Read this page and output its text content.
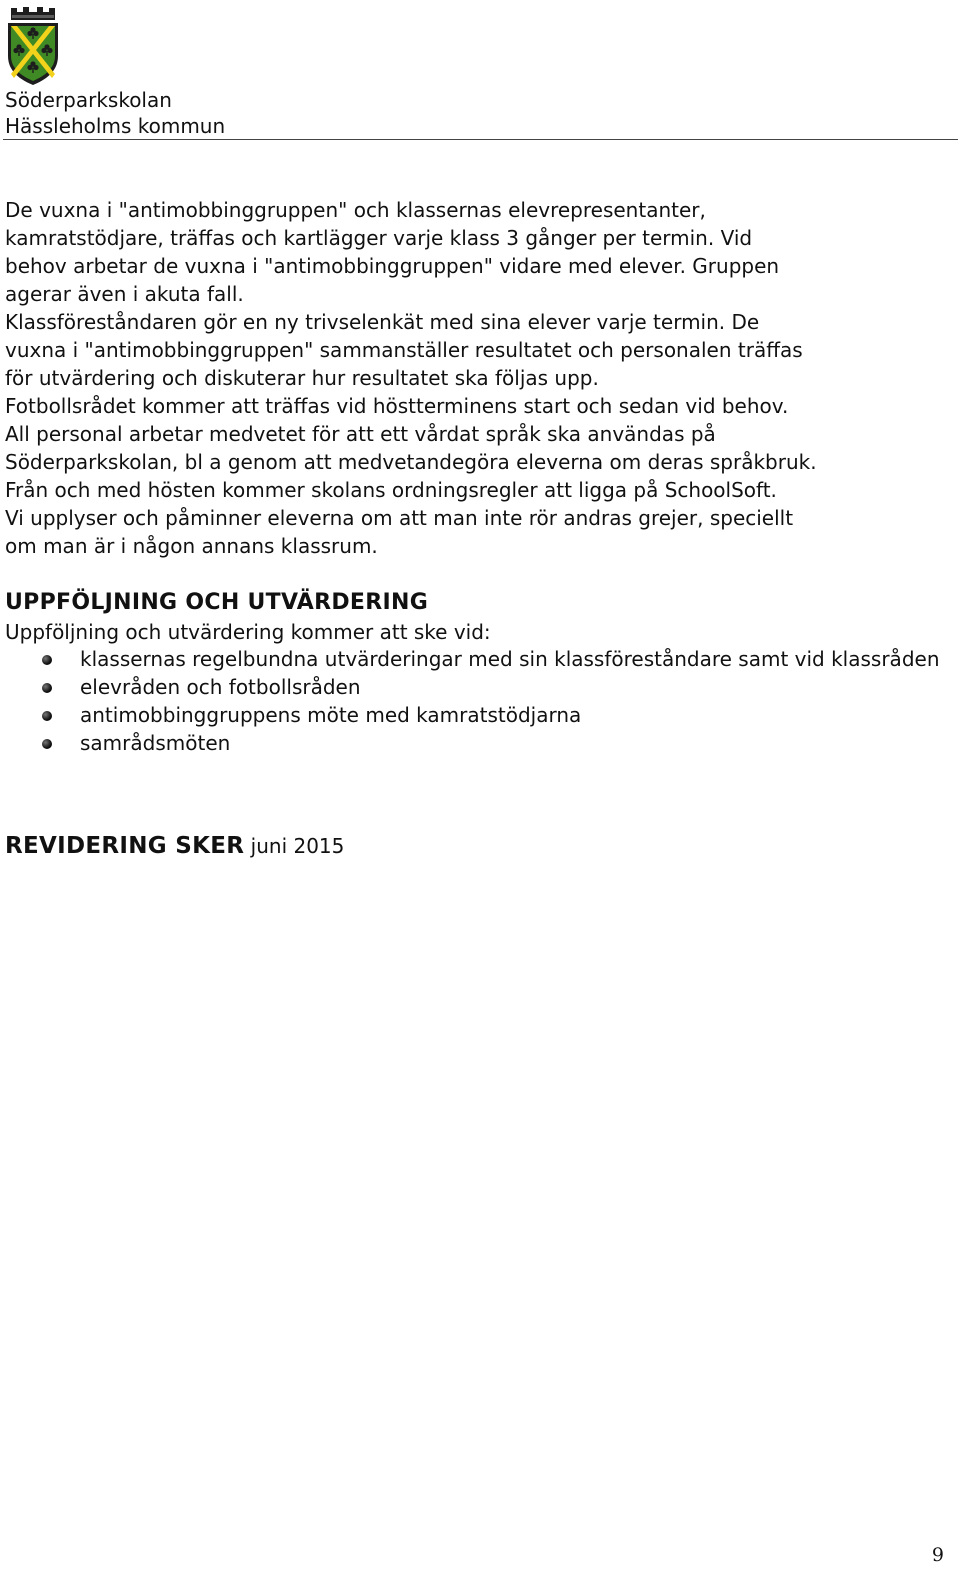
Söderparkskolan
Hässleholms kommun
De vuxna i "antimobbinggruppen" och klassernas elevrepresentanter,
kamratstödjare, träffas och kartlägger varje klass 3 gånger per termin. Vid
behov arbetar de vuxna i "antimobbinggruppen" vidare med elever. Gruppen
agerar även i akuta fall.
Klassföreståndaren gör en ny trivselenkät med sina elever varje termin. De
vuxna i "antimobbinggruppen" sammanställer resultatet och personalen träffas
för utvärdering och diskuterar hur resultatet ska följas upp.
Fotbollsrådet kommer att träffas vid höstterminens start och sedan vid behov.
All personal arbetar medvetet för att ett vårdat språk ska användas på
Söderparkskolan, bl a genom att medvetandegöra eleverna om deras språkbruk.
Från och med hösten kommer skolans ordningsregler att ligga på SchoolSoft.
Vi upplyser och påminner eleverna om att man inte rör andras grejer, speciellt
om man är i någon annans klassrum.
UPPFÖLJNING OCH UTVÄRDERING
Uppföljning och utvärdering kommer att ske vid:
klassernas regelbundna utvärderingar med sin klassföreståndare samt vid klassråden
elevråden och fotbollsråden
antimobbinggruppens möte med kamratstödjarna
samrådsmöten
REVIDERING SKER juni 2015
9
